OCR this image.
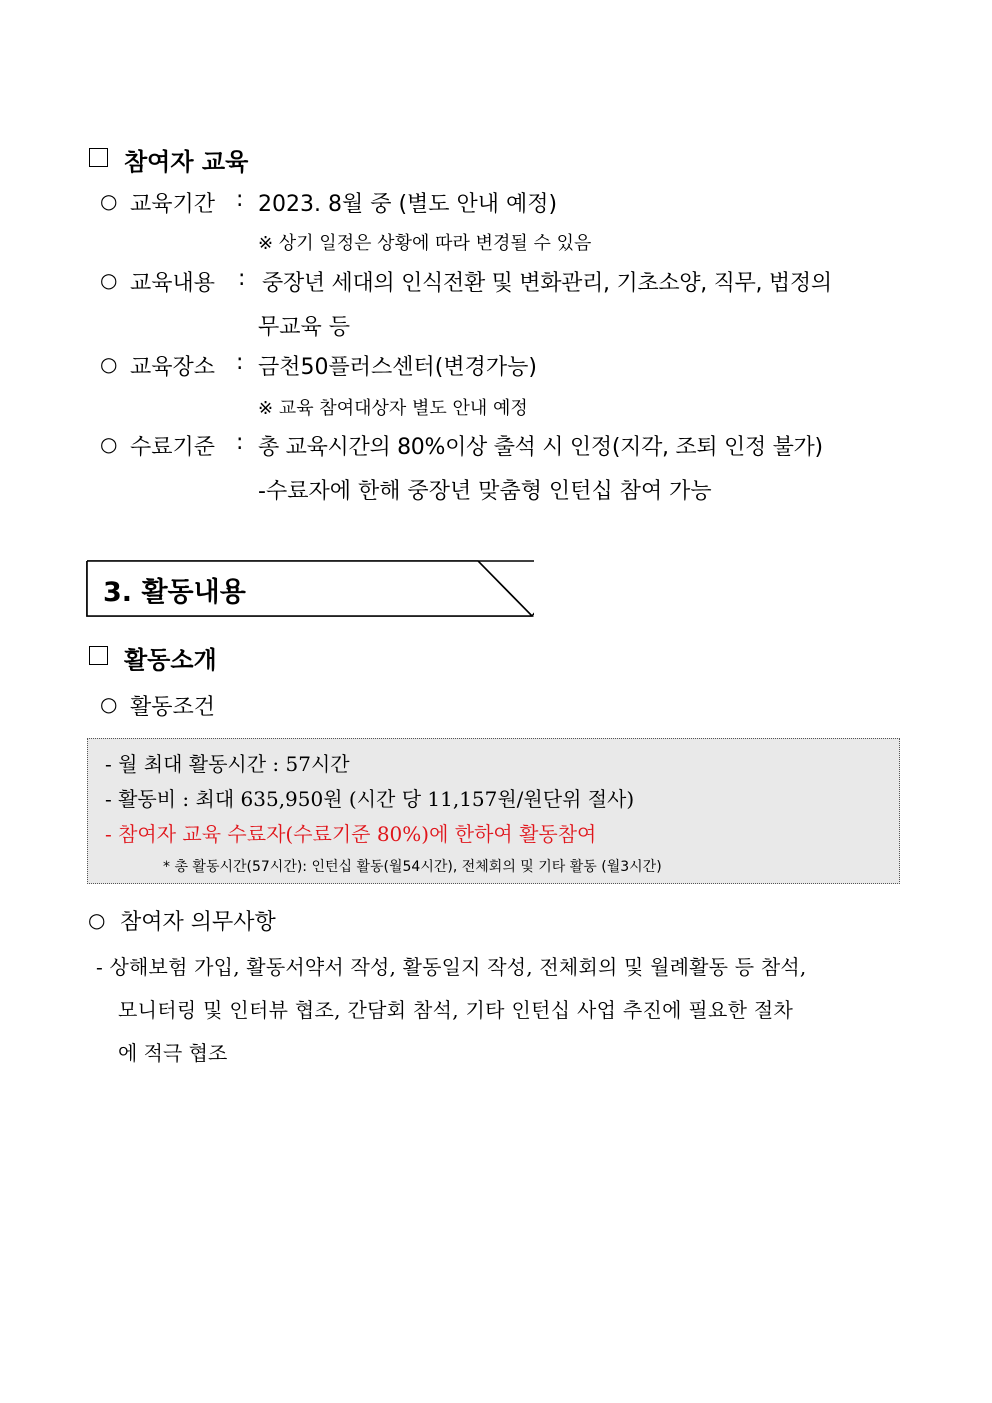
참여자 교육
○ 교육기간 : 2023. 8월 중 (별도 안내 예정)
※ 상기 일정은 상황에 따라 변경될 수 있음
○ 교육내용 : 중장년 세대의 인식전환 및 변화관리, 기초소양, 직무, 법정의
무교육 등
○ 교육장소 : 금천50플러스센터(변경가능)
※ 교육 참여대상자 별도 안내 예정
○ 수료기준 : 총 교육시간의 80%이상 출석 시 인정(지각, 조퇴 인정 불가)
-수료자에 한해 중장년 맞춤형 인턴십 참여 가능
3. 활동내용
활동소개
○ 활동조건
- 월 최대 활동시간 : 57시간
- 활동비 : 최대 635,950원 (시간 당 11,157원/원단위 절사)
- 참여자 교육 수료자(수료기준 80%)에 한하여 활동참여
* 총 활동시간(57시간): 인턴십 활동(월54시간), 전체회의 및 기타 활동 (월3시간)
○ 참여자 의무사항
- 상해보험 가입, 활동서약서 작성, 활동일지 작성, 전체회의 및 월례활동 등 참석,
모니터링 및 인터뷰 협조, 간담회 참석, 기타 인턴십 사업 추진에 필요한 절차
에 적극 협조
